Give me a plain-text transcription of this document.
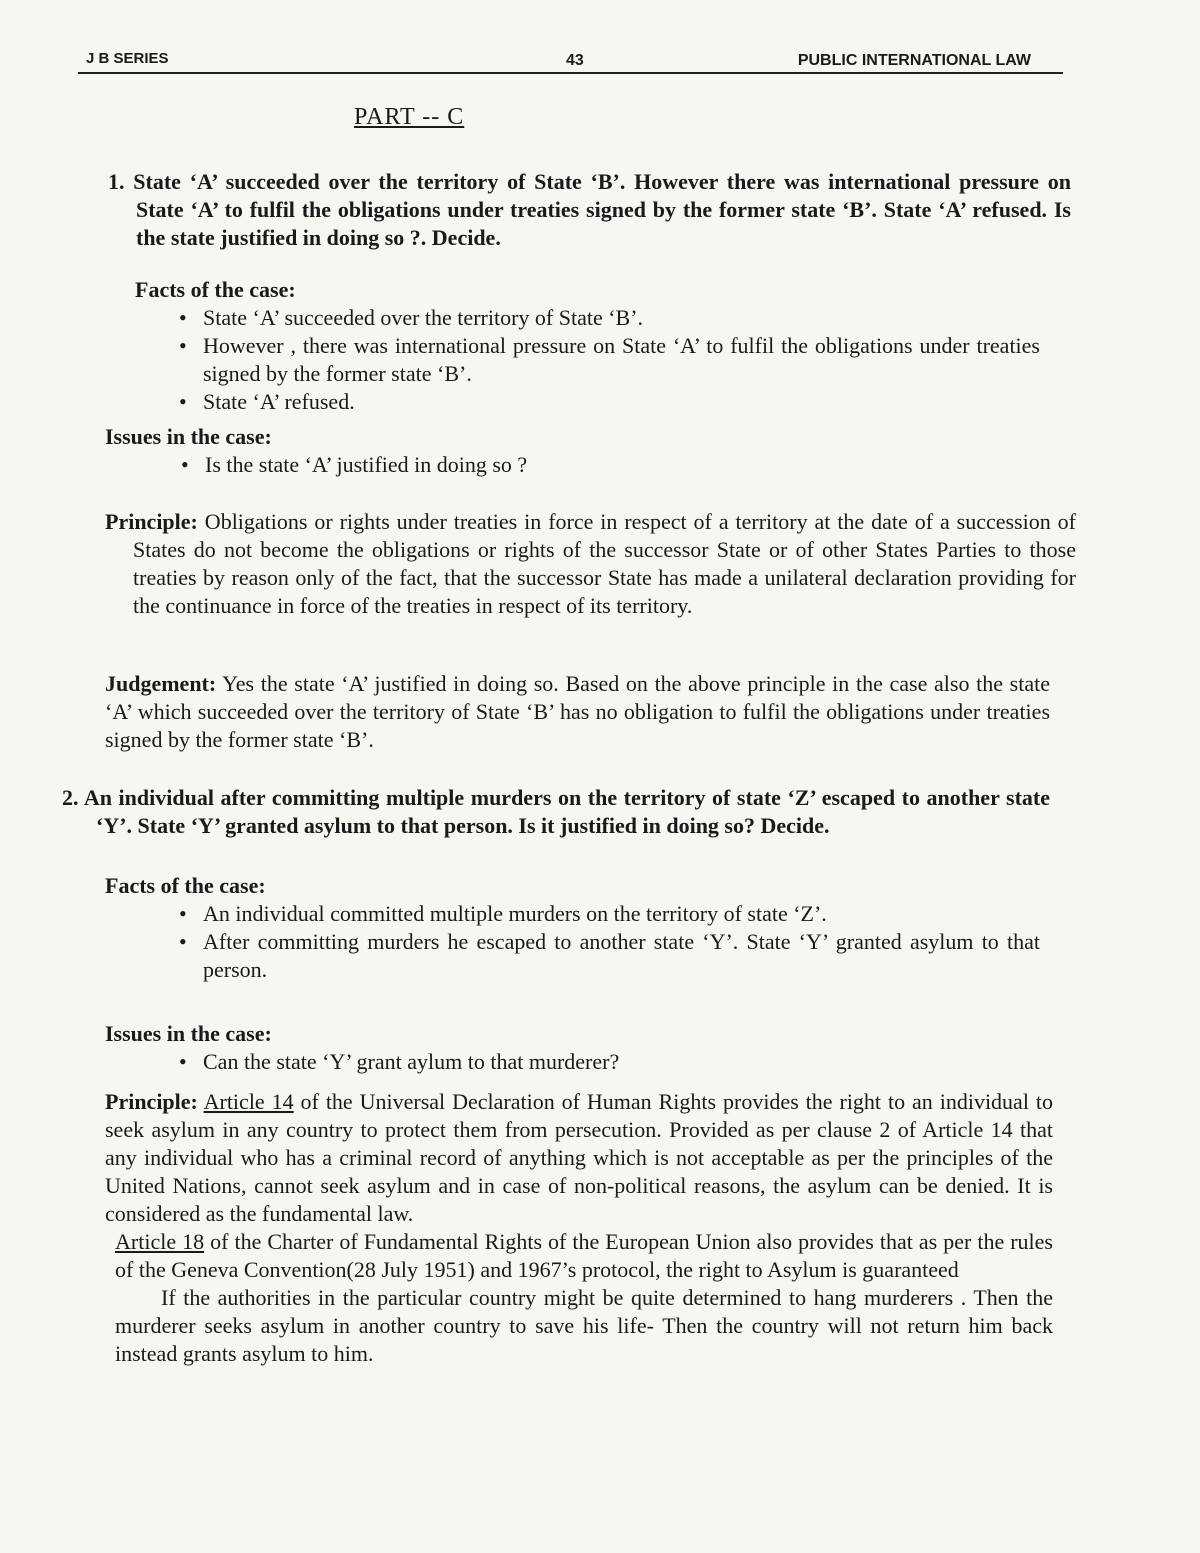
J B SERIES	43	PUBLIC INTERNATIONAL LAW
PART -- C
1. State ‘A’ succeeded over the territory of State ‘B’. However there was international pressure on State ‘A’ to fulfil the obligations under treaties signed by the former state ‘B’. State ‘A’ refused. Is the state justified in doing so ?. Decide.
Facts of the case:
• State ‘A’ succeeded over the territory of State ‘B’.
• However , there was international pressure on State ‘A’ to fulfil the obligations under treaties signed by the former state ‘B’.
• State ‘A’ refused.
Issues in the case:
• Is the state ‘A’ justified in doing so ?
Principle: Obligations or rights under treaties in force in respect of a territory at the date of a succession of States do not become the obligations or rights of the successor State or of other States Parties to those treaties by reason only of the fact, that the successor State has made a unilateral declaration providing for the continuance in force of the treaties in respect of its territory.
Judgement: Yes the state ‘A’ justified in doing so. Based on the above principle in the case also the state ‘A’ which succeeded over the territory of State ‘B’ has no obligation to fulfil the obligations under treaties signed by the former state ‘B’.
2. An individual after committing multiple murders on the territory of state ‘Z’ escaped to another state ‘Y’. State ‘Y’ granted asylum to that person. Is it justified in doing so? Decide.
Facts of the case:
• An individual committed multiple murders on the territory of state ‘Z’.
• After committing murders he escaped to another state ‘Y’. State ‘Y’ granted asylum to that person.
Issues in the case:
• Can the state ‘Y’ grant aylum to that murderer?
Principle: Article 14 of the Universal Declaration of Human Rights provides the right to an individual to seek asylum in any country to protect them from persecution. Provided as per clause 2 of Article 14 that any individual who has a criminal record of anything which is not acceptable as per the principles of the United Nations, cannot seek asylum and in case of non-political reasons, the asylum can be denied. It is considered as the fundamental law.
Article 18 of the Charter of Fundamental Rights of the European Union also provides that as per the rules of the Geneva Convention(28 July 1951) and 1967’s protocol, the right to Asylum is guaranteed
If the authorities in the particular country might be quite determined to hang murderers . Then the murderer seeks asylum in another country to save his life- Then the country will not return him back instead grants asylum to him.
